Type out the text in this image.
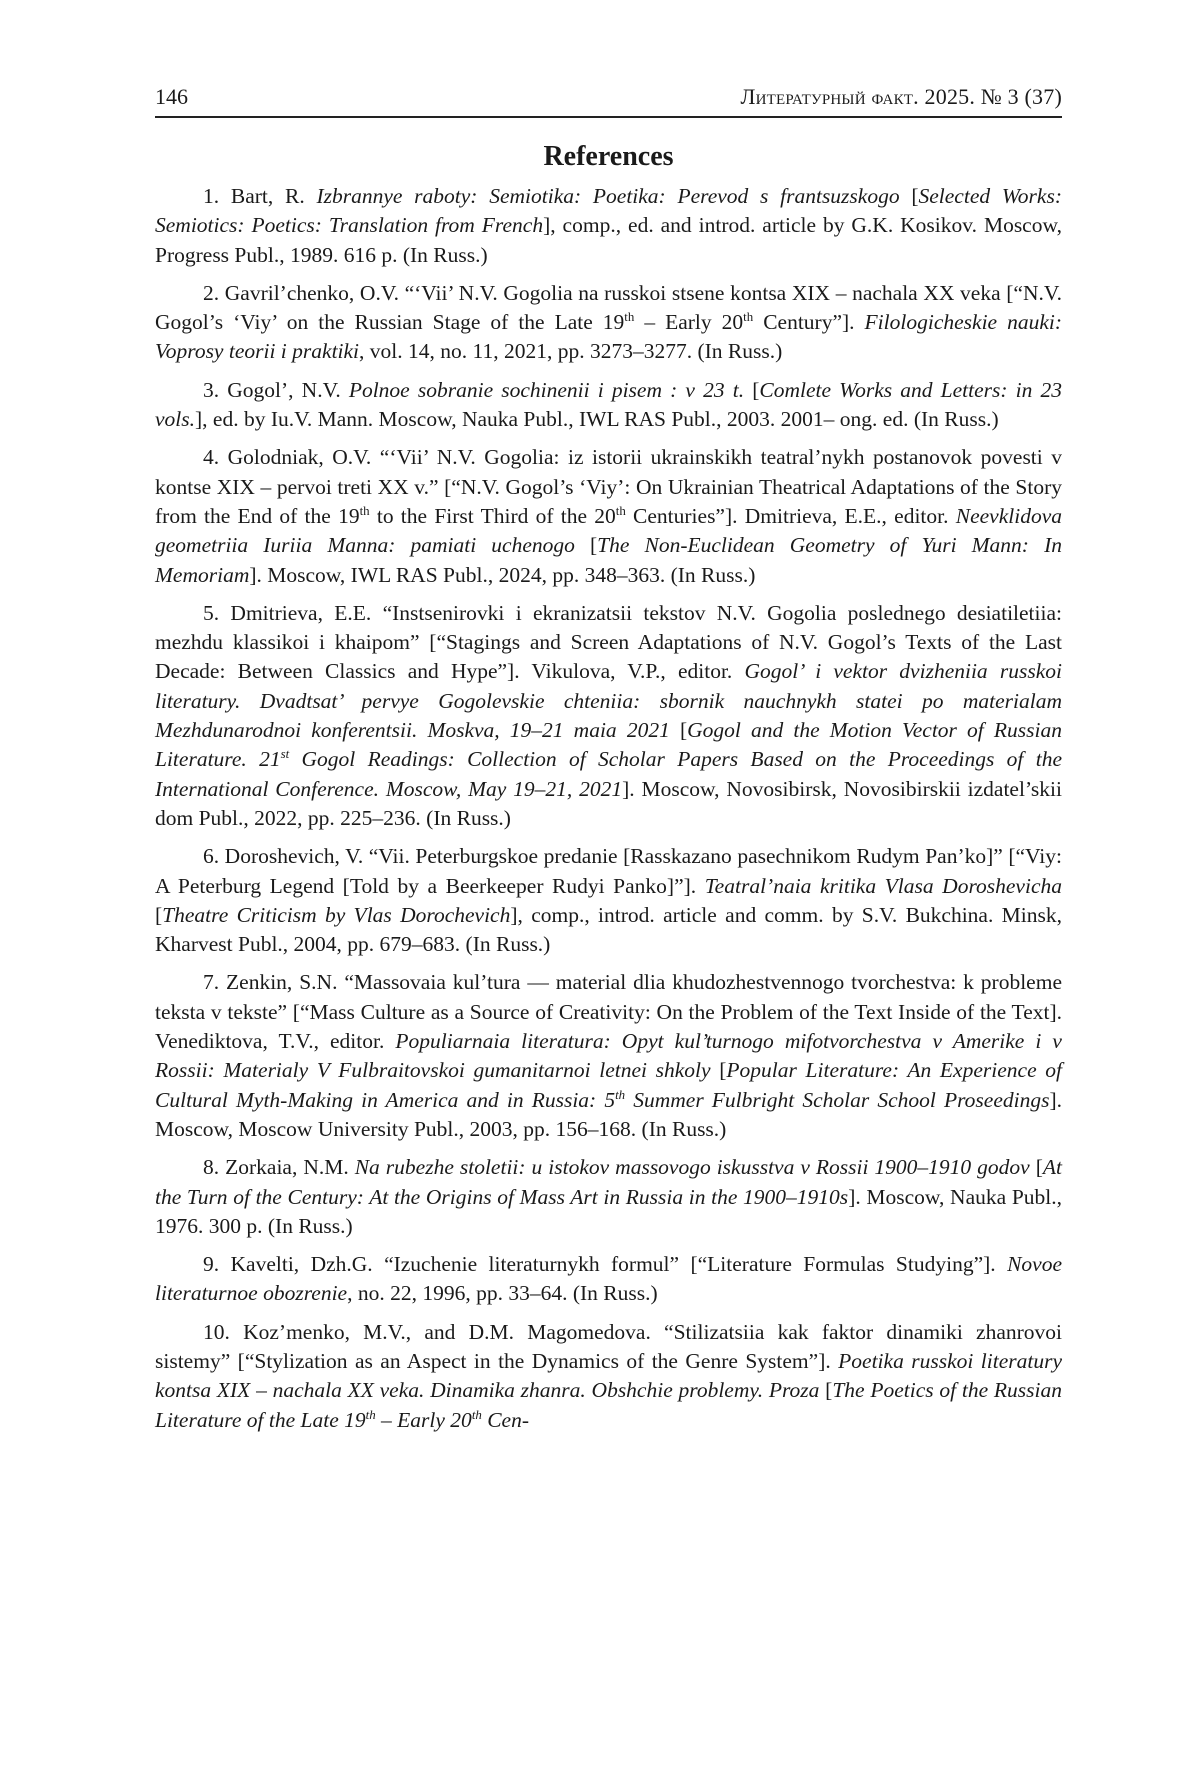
146	Литературный факт. 2025. № 3 (37)
References

1. Bart, R. Izbrannye raboty: Semiotika: Poetika: Perevod s frantsuzskogo [Selected Works: Semiotics: Poetics: Translation from French], comp., ed. and introd. article by G.K. Kosikov. Moscow, Progress Publ., 1989. 616 p. (In Russ.)

2. Gavril’chenko, O.V. “‘Vii’ N.V. Gogolia na russkoi stsene kontsa XIX – nachala XX veka [“N.V. Gogol’s ‘Viy’ on the Russian Stage of the Late 19th – Early 20th Century”]. Filologicheskie nauki: Voprosy teorii i praktiki, vol. 14, no. 11, 2021, pp. 3273–3277. (In Russ.)

3. Gogol’, N.V. Polnoe sobranie sochinenii i pisem : v 23 t. [Comlete Works and Letters: in 23 vols.], ed. by Iu.V. Mann. Moscow, Nauka Publ., IWL RAS Publ., 2003. 2001– ong. ed. (In Russ.)

4. Golodniak, O.V. “‘Vii’ N.V. Gogolia: iz istorii ukrainskikh teatral’nykh postanovok povesti v kontse XIX – pervoi treti XX v.” [“N.V. Gogol’s ‘Viy’: On Ukrainian Theatrical Adaptations of the Story from the End of the 19th to the First Third of the 20th Centuries”]. Dmitrieva, E.E., editor. Neevklidova geometriia Iuriia Manna: pamiati uchenogo [The Non-Euclidean Geometry of Yuri Mann: In Memoriam]. Moscow, IWL RAS Publ., 2024, pp. 348–363. (In Russ.)

5. Dmitrieva, E.E. “Instsenirovki i ekranizatsii tekstov N.V. Gogolia poslednego desiatiletiia: mezhdu klassikoi i khaipom” [“Stagings and Screen Adaptations of N.V. Gogol’s Texts of the Last Decade: Between Classics and Hype”]. Vikulova, V.P., editor. Gogol’ i vektor dvizheniia russkoi literatury. Dvadtsat’ pervye Gogolevskie chteniia: sbornik nauchnykh statei po materialam Mezhdunarodnoi konferentsii. Moskva, 19–21 maia 2021 [Gogol and the Motion Vector of Russian Literature. 21st Gogol Readings: Collection of Scholar Papers Based on the Proceedings of the International Conference. Moscow, May 19–21, 2021]. Moscow, Novosibirsk, Novosibirskii izdatel’skii dom Publ., 2022, pp. 225–236. (In Russ.)

6. Doroshevich, V. “Vii. Peterburgskoe predanie [Rasskazano pasechnikom Rudym Pan’ko]” [“Viy: A Peterburg Legend [Told by a Beerkeeper Rudyi Panko]”]. Teatral’naia kritika Vlasa Doroshevicha [Theatre Criticism by Vlas Dorochevich], comp., introd. article and comm. by S.V. Bukchina. Minsk, Kharvest Publ., 2004, pp. 679–683. (In Russ.)

7. Zenkin, S.N. “Massovaia kul’tura — material dlia khudozhestvennogo tvorchestva: k probleme teksta v tekste” [“Mass Culture as a Source of Creativity: On the Problem of the Text Inside of the Text]. Venediktova, T.V., editor. Populiarnaia literatura: Opyt kul’turnogo mifotvorchestva v Amerike i v Rossii: Materialy V Fulbraitovskoi gumanitarnoi letnei shkoly [Popular Literature: An Experience of Cultural Myth-Making in America and in Russia: 5th Summer Fulbright Scholar School Proseedings]. Moscow, Moscow University Publ., 2003, pp. 156–168. (In Russ.)

8. Zorkaia, N.M. Na rubezhe stoletii: u istokov massovogo iskusstva v Rossii 1900–1910 godov [At the Turn of the Century: At the Origins of Mass Art in Russia in the 1900–1910s]. Moscow, Nauka Publ., 1976. 300 p. (In Russ.)

9. Kavelti, Dzh.G. “Izuchenie literaturnykh formul” [“Literature Formulas Studying”]. Novoe literaturnoe obozrenie, no. 22, 1996, pp. 33–64. (In Russ.)

10. Koz’menko, M.V., and D.M. Magomedova. “Stilizatsiia kak faktor dinamiki zhanrovoi sistemy” [“Stylization as an Aspect in the Dynamics of the Genre System”]. Poetika russkoi literatury kontsa XIX – nachala XX veka. Dinamika zhanra. Obshchie problemy. Proza [The Poetics of the Russian Literature of the Late 19th – Early 20th Cen-
